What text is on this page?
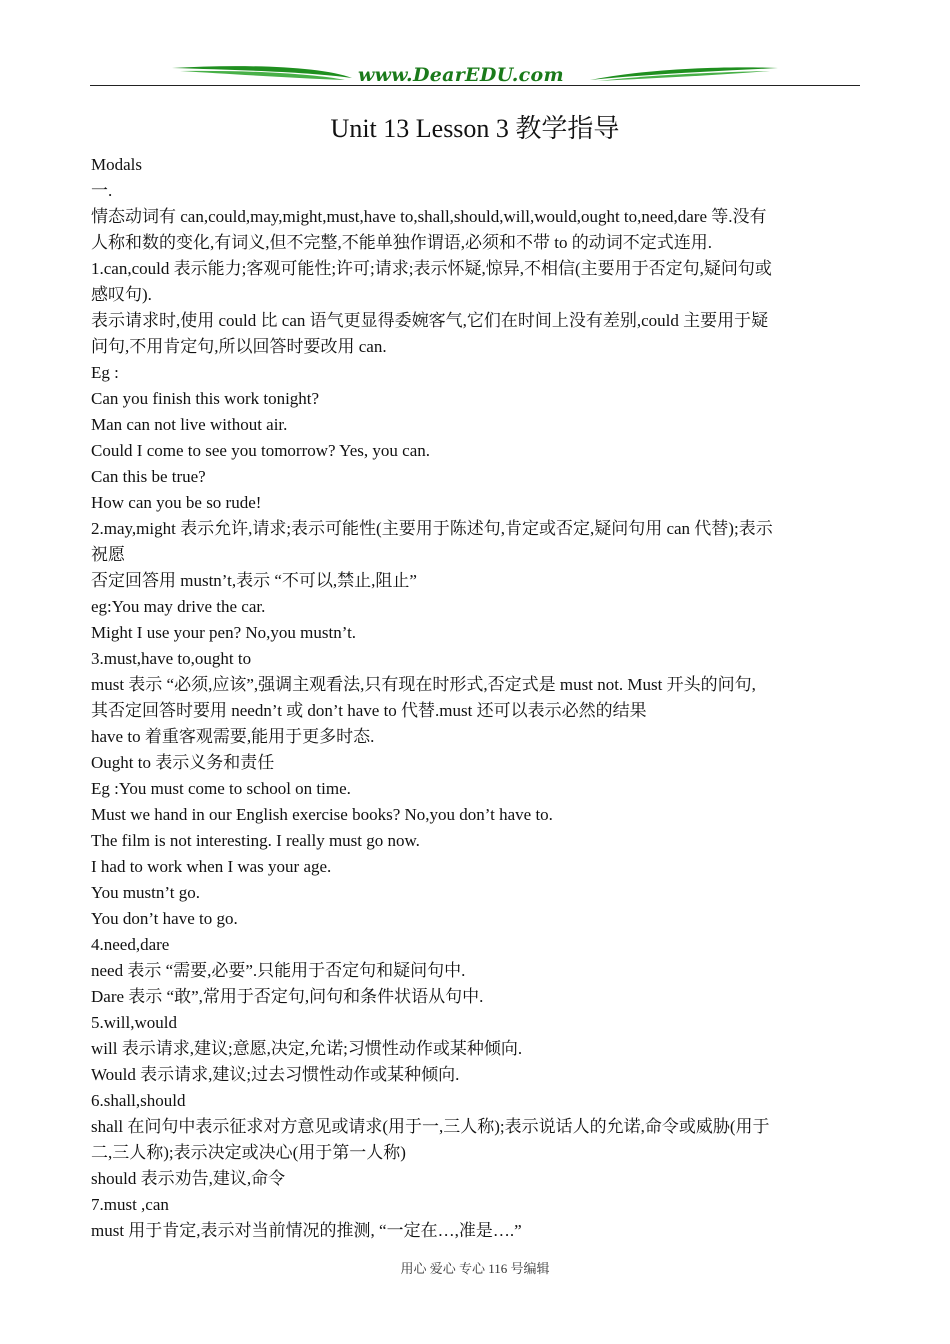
www.DearEDU.com
Unit 13 Lesson 3 教学指导

Modals

一.

情态动词有 can,could,may,might,must,have to,shall,should,will,would,ought to,need,dare 等.没有

人称和数的变化,有词义,但不完整,不能单独作谓语,必须和不带 to 的动词不定式连用.

1.can,could 表示能力;客观可能性;许可;请求;表示怀疑,惊异,不相信(主要用于否定句,疑问句或

感叹句).

表示请求时,使用 could 比 can 语气更显得委婉客气,它们在时间上没有差别,could 主要用于疑

问句,不用肯定句,所以回答时要改用 can.

Eg :

Can you finish this work tonight?

Man can not live without air.

Could I come to see you tomorrow? Yes, you can.

Can this be true?

How can you be so rude!

2.may,might 表示允许,请求;表示可能性(主要用于陈述句,肯定或否定,疑问句用 can 代替);表示

祝愿

否定回答用 mustn’t,表示 “不可以,禁止,阻止”

eg:You may drive the car.

Might I use your pen? No,you mustn’t.

3.must,have to,ought to

must 表示 “必须,应该”,强调主观看法,只有现在时形式,否定式是 must not. Must 开头的问句,

其否定回答时要用 needn’t 或 don’t have to 代替.must 还可以表示必然的结果

have to 着重客观需要,能用于更多时态.

Ought to 表示义务和责任

Eg :You must come to school on time.

Must we hand in our English exercise books? No,you don’t have to.

The film is not interesting. I really must go now.

I had to work when I was your age.

You mustn’t go.

You don’t have to go.

4.need,dare

need 表示 “需要,必要”.只能用于否定句和疑问句中.

Dare 表示 “敢”,常用于否定句,问句和条件状语从句中.

5.will,would

will 表示请求,建议;意愿,决定,允诺;习惯性动作或某种倾向.

Would 表示请求,建议;过去习惯性动作或某种倾向.

6.shall,should

shall 在问句中表示征求对方意见或请求(用于一,三人称);表示说话人的允诺,命令或威胁(用于

二,三人称);表示决定或决心(用于第一人称)

should 表示劝告,建议,命令

7.must ,can

must 用于肯定,表示对当前情况的推测, “一定在…,准是….”

用心 爱心 专心 116 号编辑
